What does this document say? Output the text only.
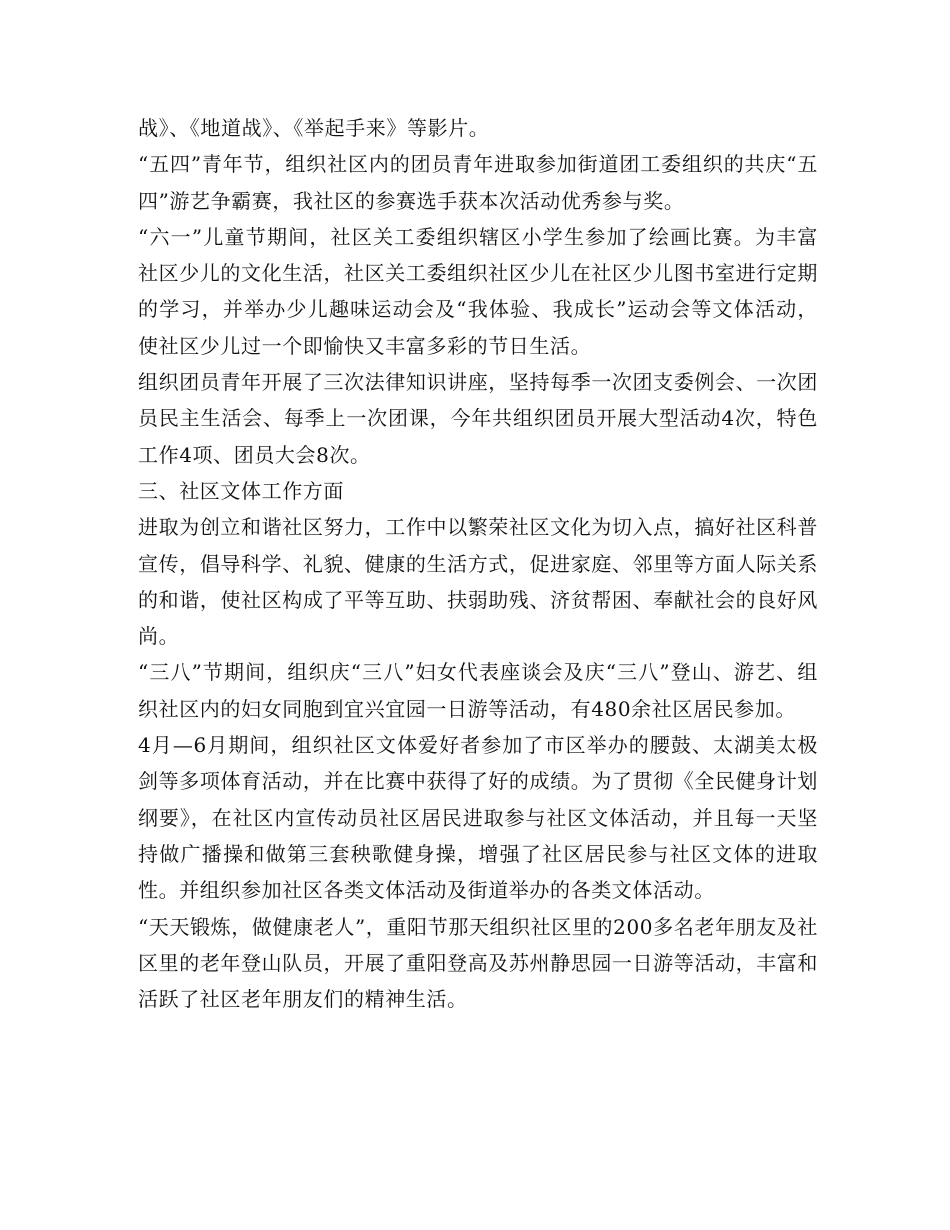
战》、《地道战》、《举起手来》等影片。

“五四”青年节，组织社区内的团员青年进取参加街道团工委组织的共庆“五四”游艺争霸赛，我社区的参赛选手获本次活动优秀参与奖。

“六一”儿童节期间，社区关工委组织辖区小学生参加了绘画比赛。为丰富社区少儿的文化生活，社区关工委组织社区少儿在社区少儿图书室进行定期的学习，并举办少儿趣味运动会及“我体验、我成长”运动会等文体活动，使社区少儿过一个即愉快又丰富多彩的节日生活。

组织团员青年开展了三次法律知识讲座，坚持每季一次团支委例会、一次团员民主生活会、每季上一次团课，今年共组织团员开展大型活动4次，特色工作4项、团员大会8次。

三、社区文体工作方面

进取为创立和谐社区努力，工作中以繁荣社区文化为切入点，搞好社区科普宣传，倡导科学、礼貌、健康的生活方式，促进家庭、邻里等方面人际关系的和谐，使社区构成了平等互助、扶弱助残、济贫帮困、奉献社会的良好风尚。

“三八”节期间，组织庆“三八”妇女代表座谈会及庆“三八”登山、游艺、组织社区内的妇女同胞到宜兴宜园一日游等活动，有480余社区居民参加。

4月—6月期间，组织社区文体爱好者参加了市区举办的腰鼓、太湖美太极剑等多项体育活动，并在比赛中获得了好的成绩。为了贯彻《全民健身计划纲要》，在社区内宣传动员社区居民进取参与社区文体活动，并且每一天坚持做广播操和做第三套秧歌健身操，增强了社区居民参与社区文体的进取性。并组织参加社区各类文体活动及街道举办的各类文体活动。

“天天锻炼，做健康老人”，重阳节那天组织社区里的200多名老年朋友及社区里的老年登山队员，开展了重阳登高及苏州静思园一日游等活动，丰富和活跃了社区老年朋友们的精神生活。
